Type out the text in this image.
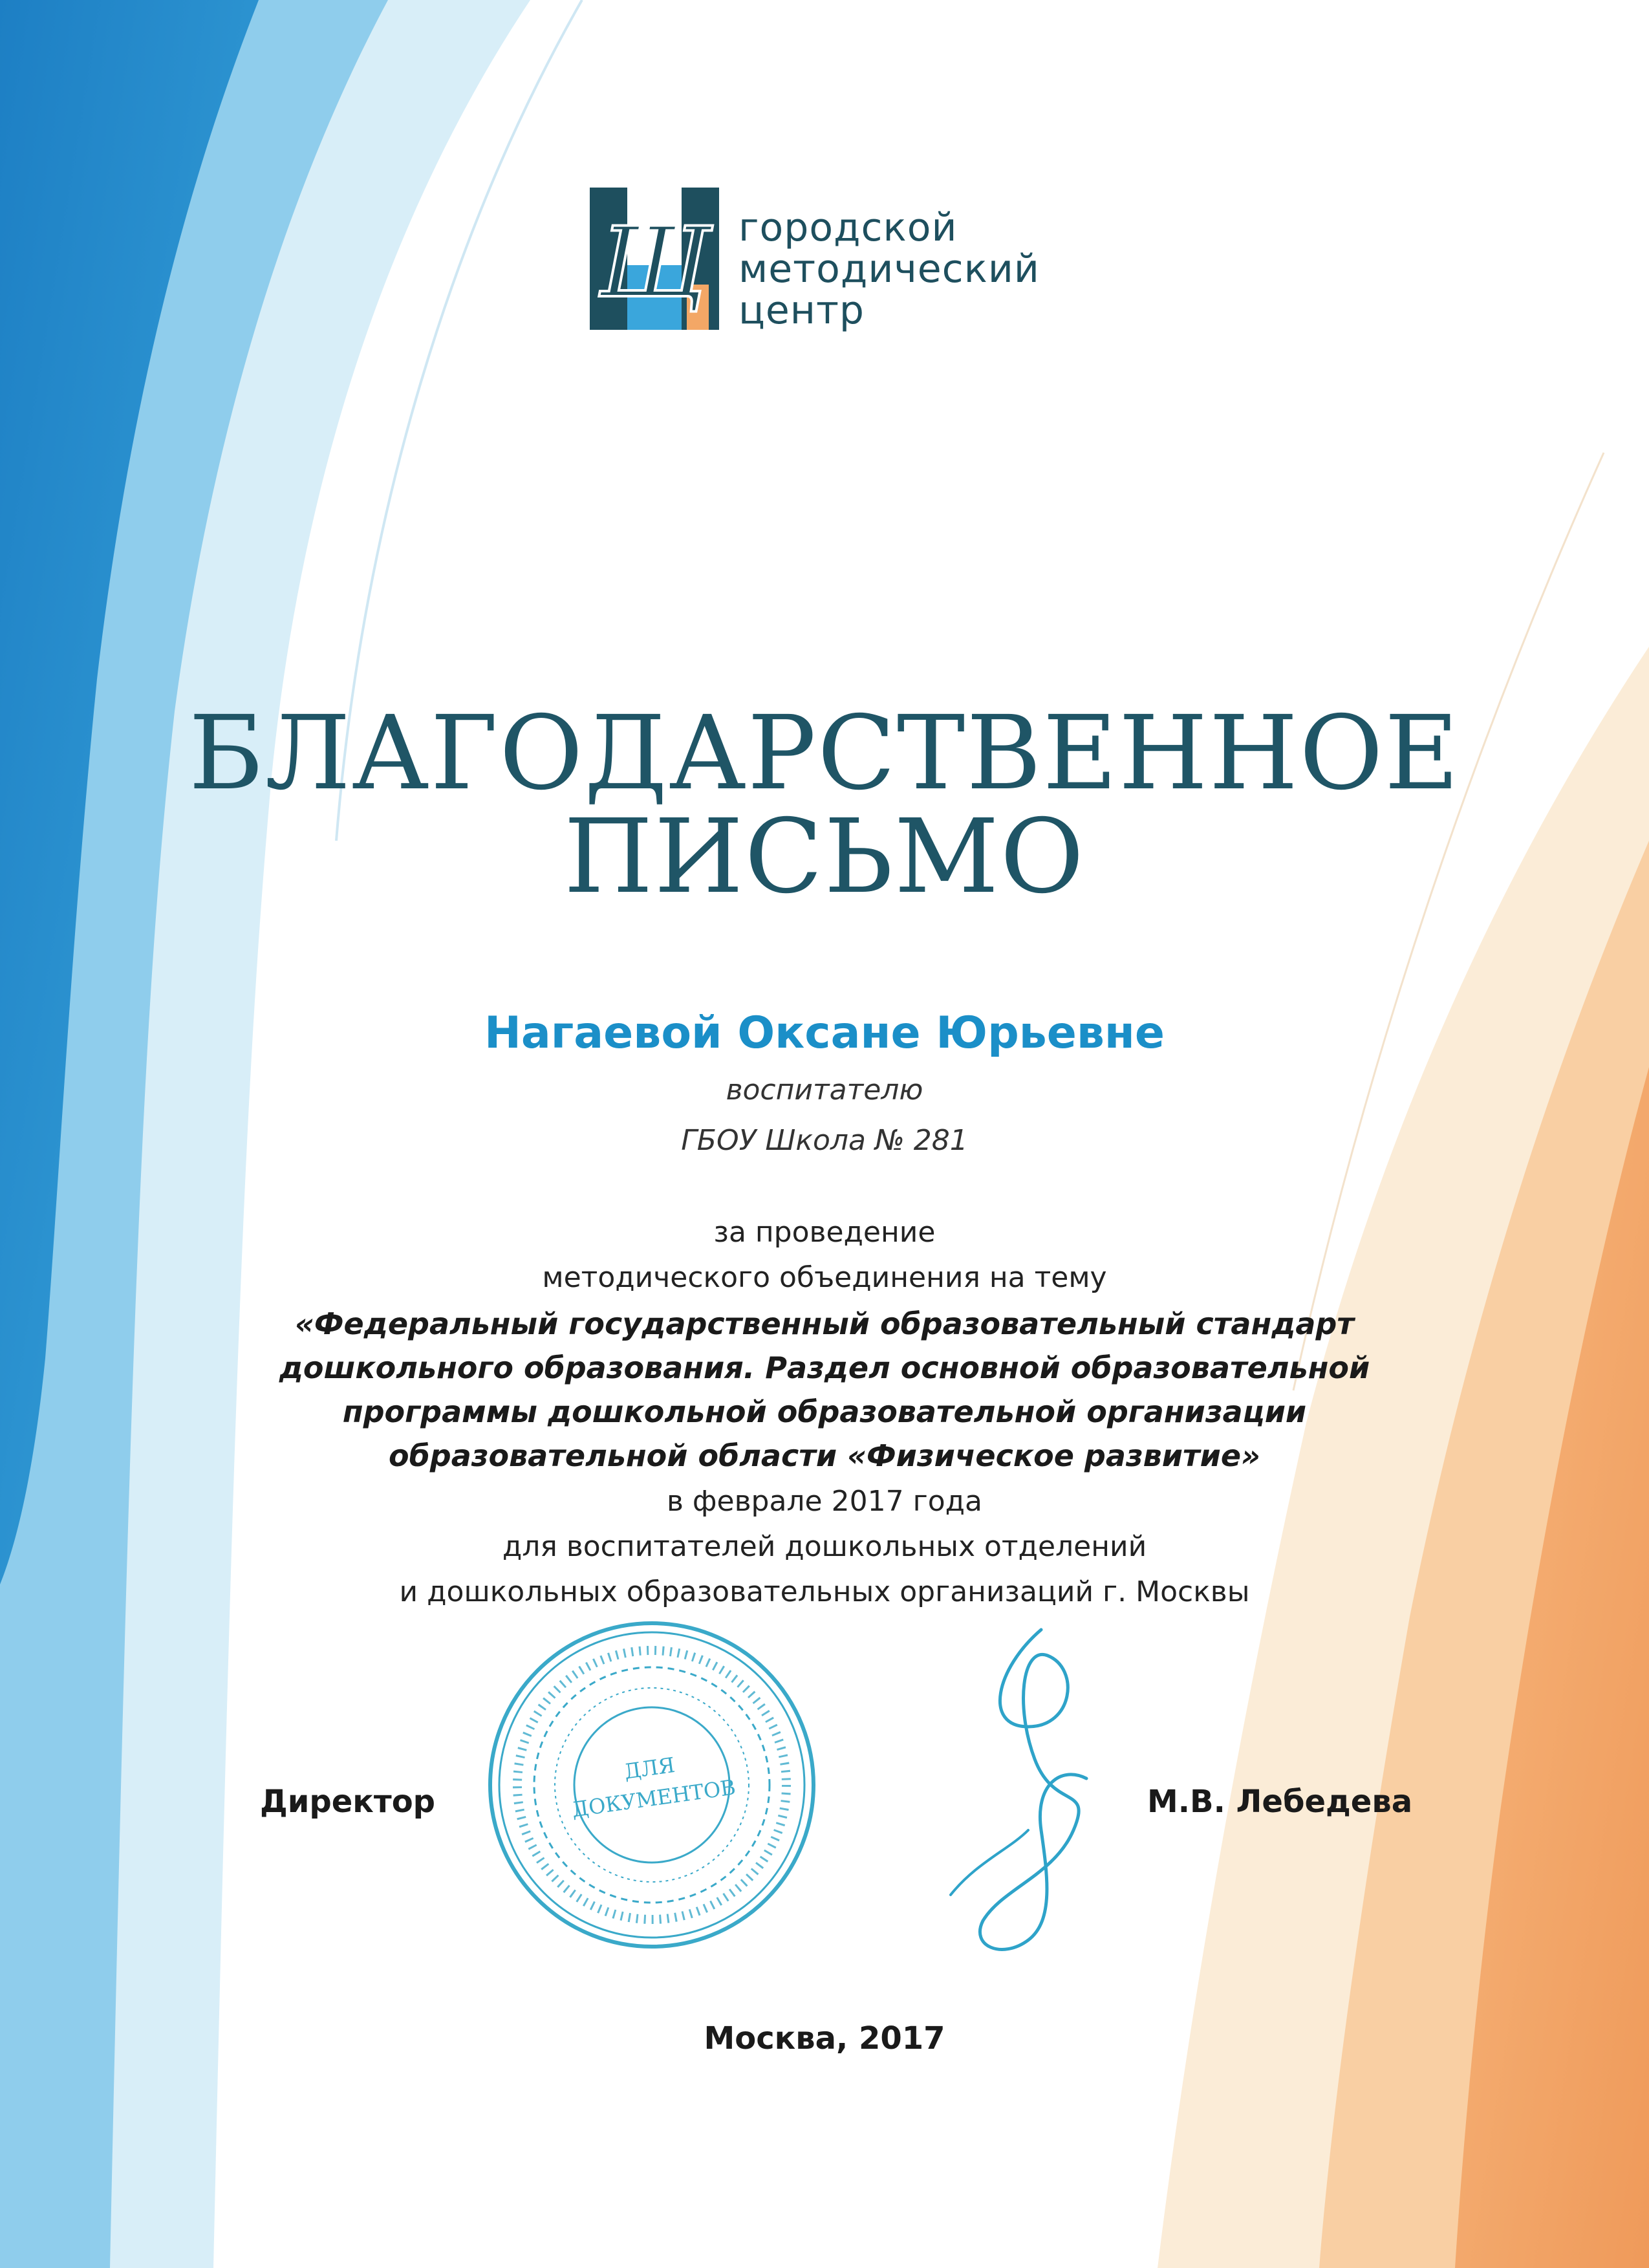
Щ городской
методический
центр
БЛАГОДАРСТВЕННОЕ
ПИСЬМО
Нагаевой Оксане Юрьевне
воспитателю
ГБОУ Школа № 281
за проведение
методического объединения на тему
«Федеральный государственный образовательный стандарт
дошкольного образования. Раздел основной образовательной
программы дошкольной образовательной организации
образовательной области «Физическое развитие»
в феврале 2017 года
для воспитателей дошкольных отделений
и дошкольных образовательных организаций г. Москвы
ДЛЯ
ДОКУМЕНТОВ
Директор	М.В. Лебедева
Москва, 2017
